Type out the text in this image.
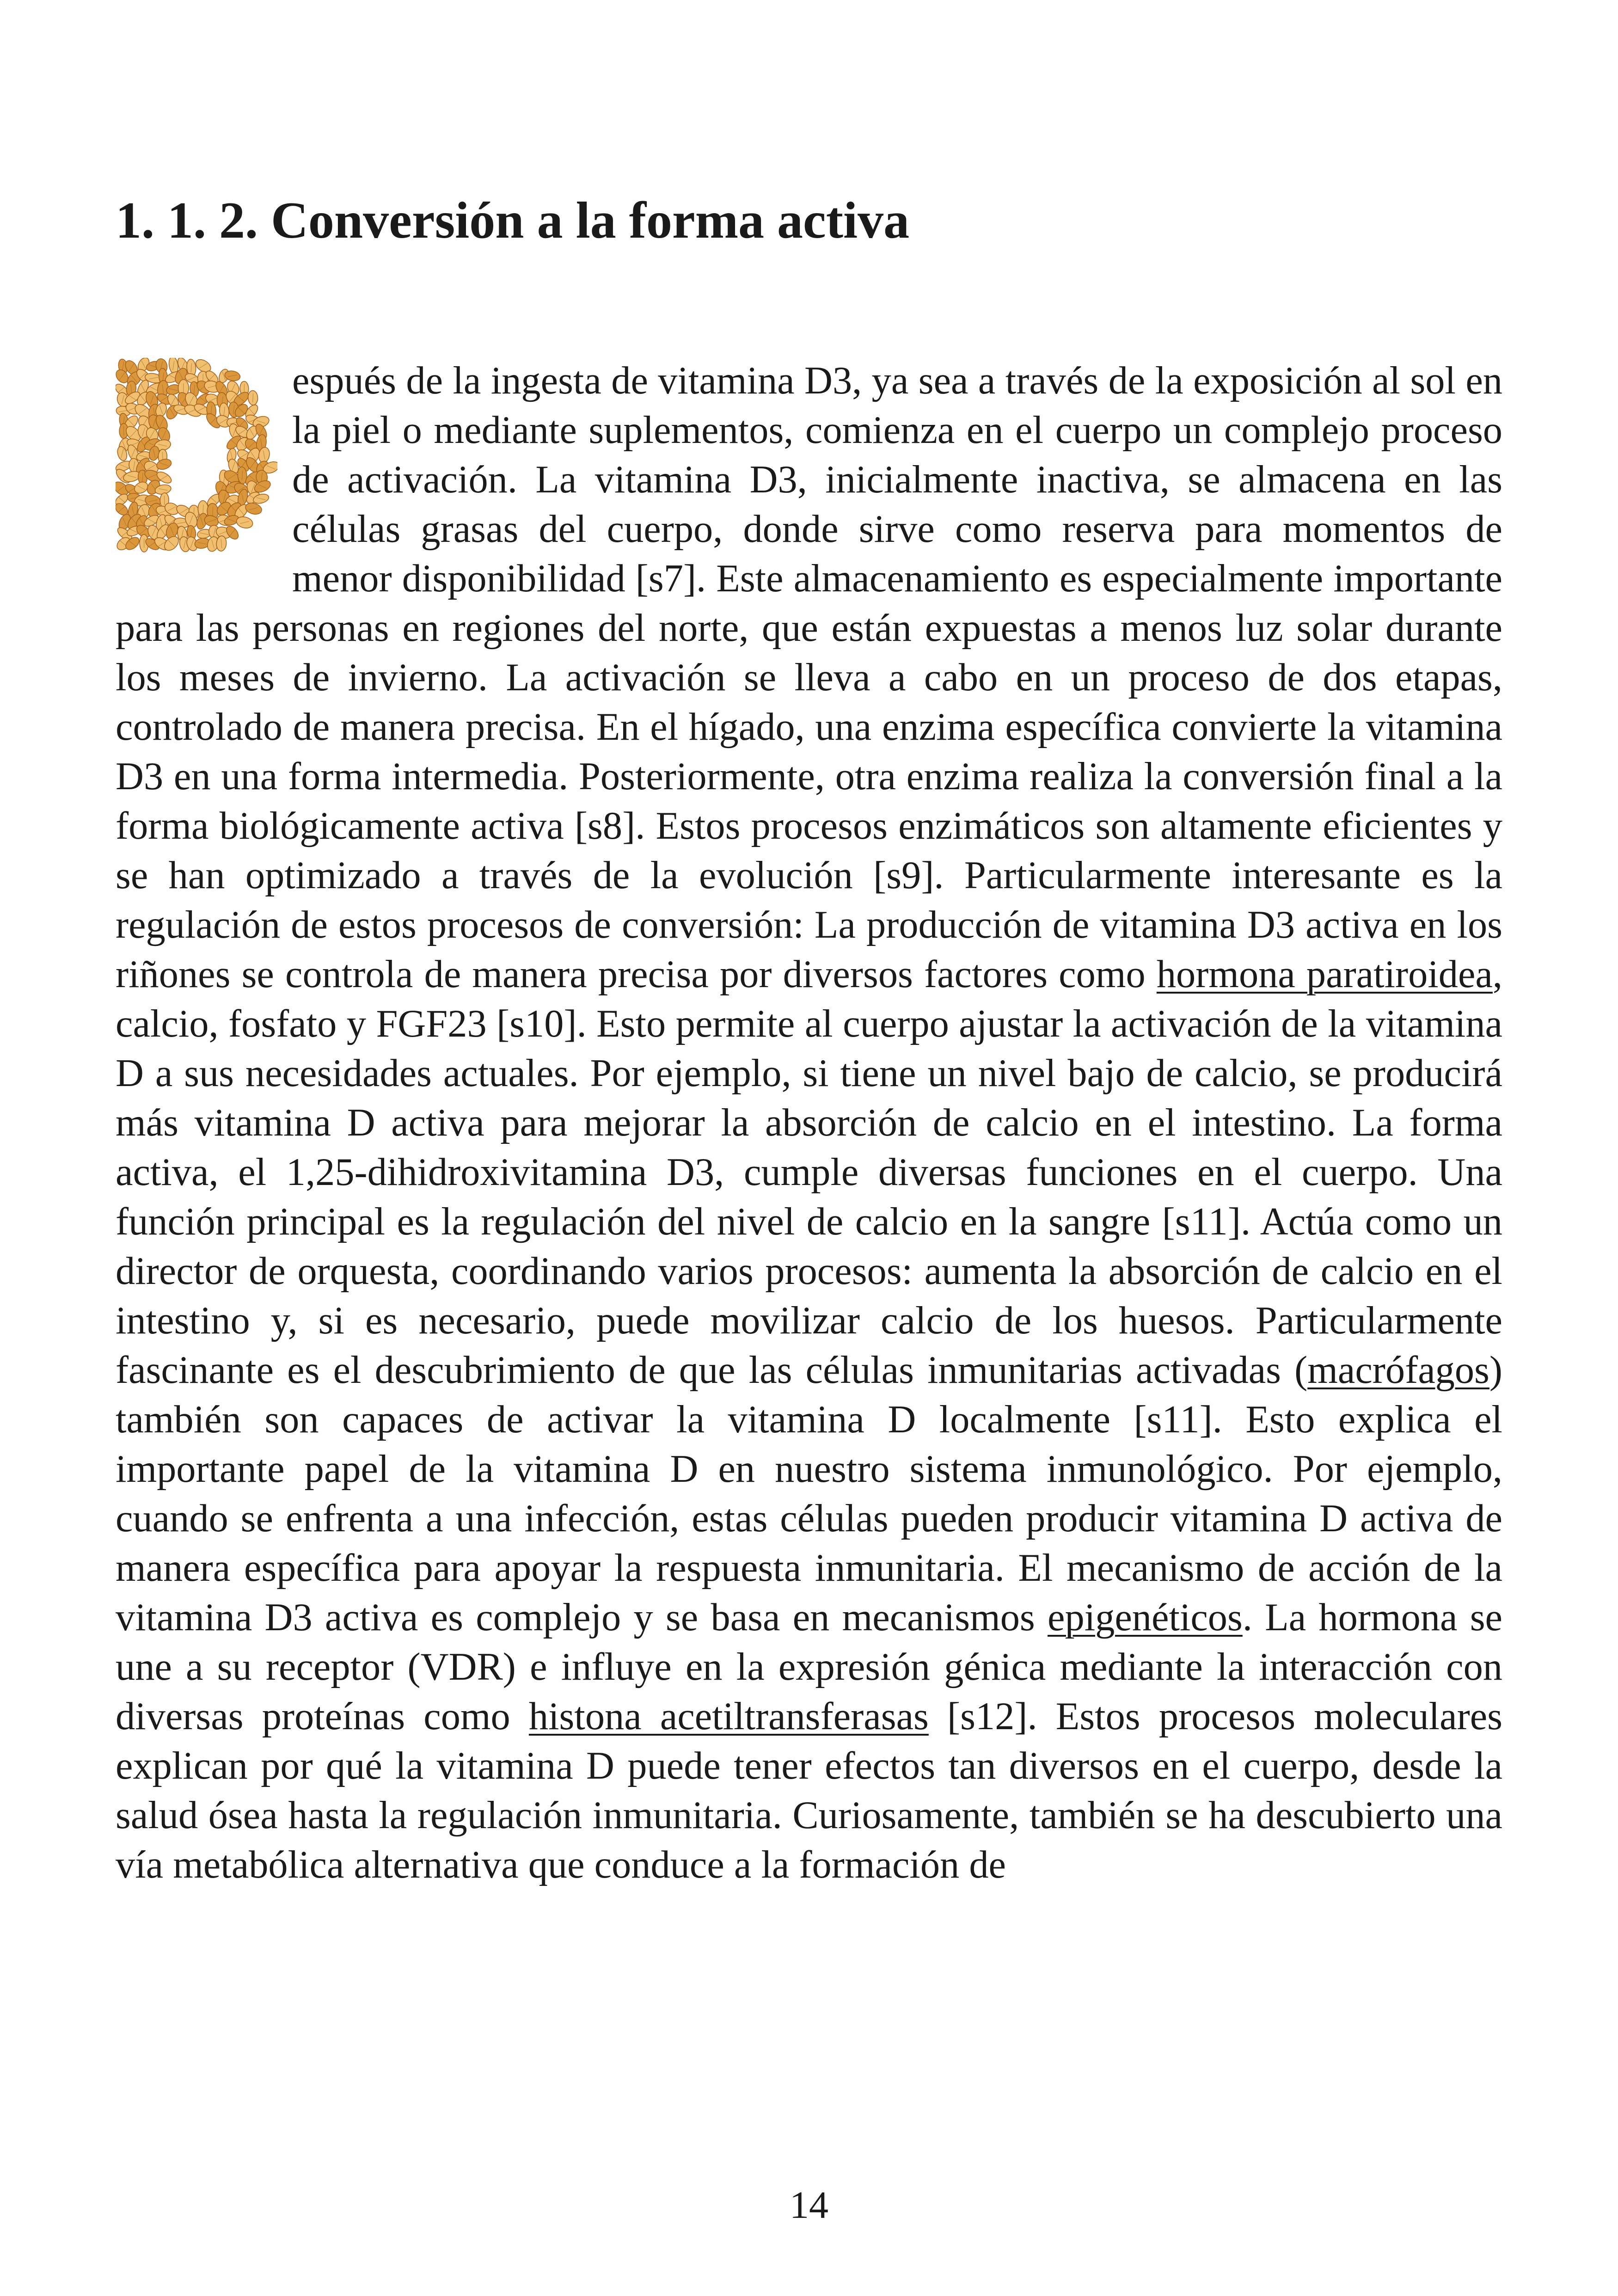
1. 1. 2. Conversión a la forma activa

espués de la ingesta de vitamina D3, ya sea a través de la exposición al sol en la piel o mediante suplementos, comienza en el cuerpo un complejo proceso de activación. La vitamina D3, inicialmente inactiva, se almacena en las células grasas del cuerpo, donde sirve como reserva para momentos de menor disponibilidad [s7]. Este almacenamiento es especialmente importante para las personas en regiones del norte, que están expuestas a menos luz solar durante los meses de invierno. La activación se lleva a cabo en un proceso de dos etapas, controlado de manera precisa. En el hígado, una enzima específica convierte la vitamina D3 en una forma intermedia. Posteriormente, otra enzima realiza la conversión final a la forma biológicamente activa [s8]. Estos procesos enzimáticos son altamente eficientes y se han optimizado a través de la evolución [s9]. Particularmente interesante es la regulación de estos procesos de conversión: La producción de vitamina D3 activa en los riñones se controla de manera precisa por diversos factores como hormona paratiroidea, calcio, fosfato y FGF23 [s10]. Esto permite al cuerpo ajustar la activación de la vitamina D a sus necesidades actuales. Por ejemplo, si tiene un nivel bajo de calcio, se producirá más vitamina D activa para mejorar la absorción de calcio en el intestino. La forma activa, el 1,25-dihidroxivitamina D3, cumple diversas funciones en el cuerpo. Una función principal es la regulación del nivel de calcio en la sangre [s11]. Actúa como un director de orquesta, coordinando varios procesos: aumenta la absorción de calcio en el intestino y, si es necesario, puede movilizar calcio de los huesos. Particularmente fascinante es el descubrimiento de que las células inmunitarias activadas (macrófagos) también son capaces de activar la vitamina D localmente [s11]. Esto explica el importante papel de la vitamina D en nuestro sistema inmunológico. Por ejemplo, cuando se enfrenta a una infección, estas células pueden producir vitamina D activa de manera específica para apoyar la respuesta inmunitaria. El mecanismo de acción de la vitamina D3 activa es complejo y se basa en mecanismos epigenéticos. La hormona se une a su receptor (VDR) e influye en la expresión génica mediante la interacción con diversas proteínas como histona acetiltransferasas [s12]. Estos procesos moleculares explican por qué la vitamina D puede tener efectos tan diversos en el cuerpo, desde la salud ósea hasta la regulación inmunitaria. Curiosamente, también se ha descubierto una vía metabólica alternativa que conduce a la formación de

14
